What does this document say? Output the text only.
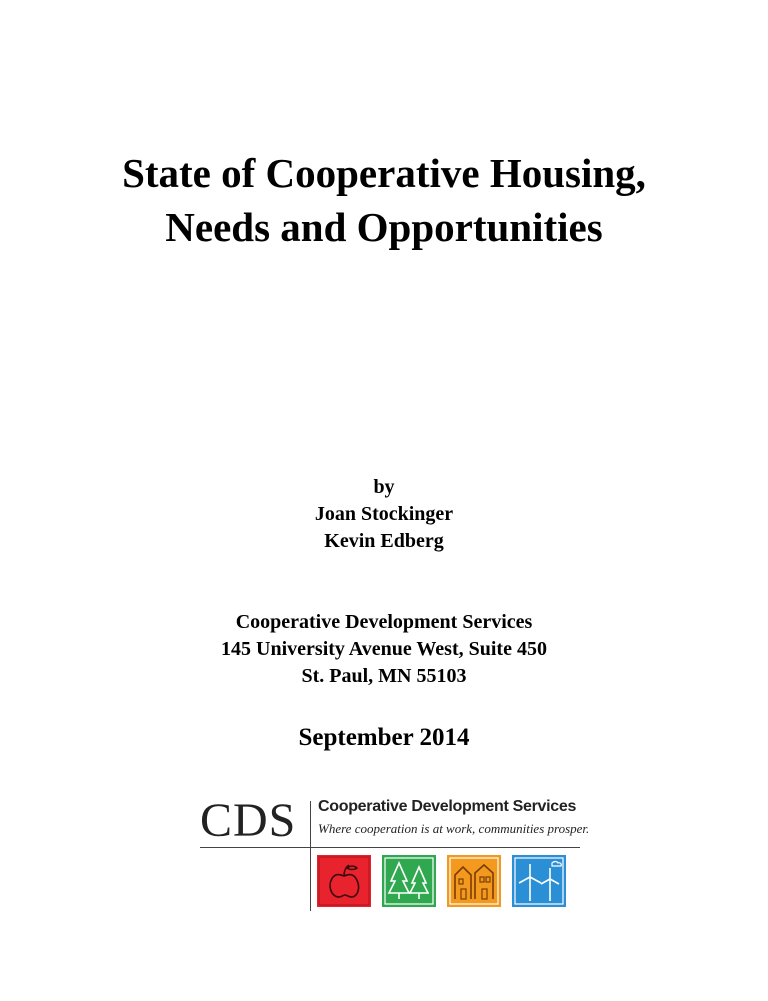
State of Cooperative Housing,
Needs and Opportunities
by
Joan Stockinger
Kevin Edberg
Cooperative Development Services
145 University Avenue West, Suite 450
St. Paul, MN 55103
September 2014
CDS Cooperative Development Services
Where cooperation is at work, communities prosper.
